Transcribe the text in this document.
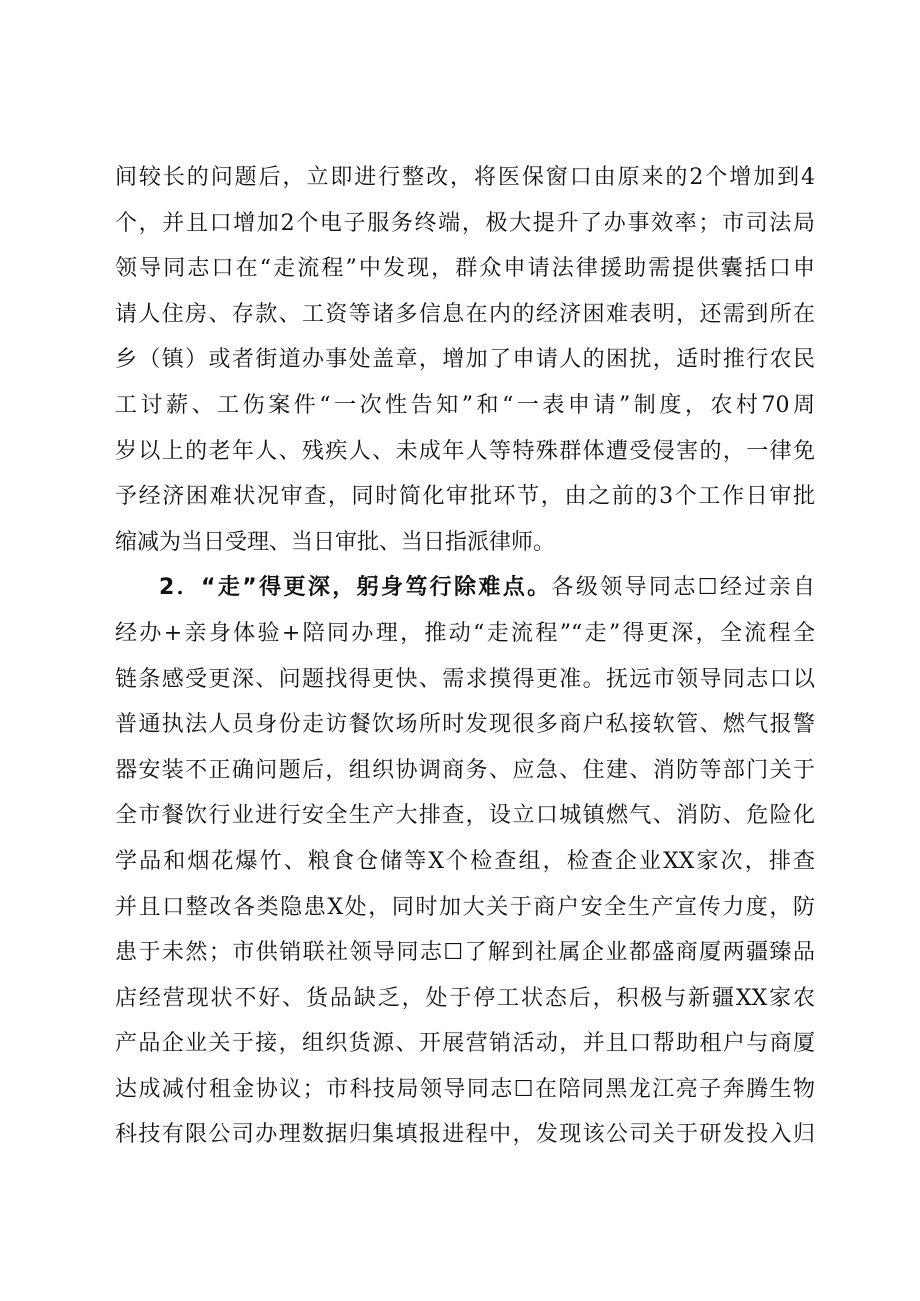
间较长的问题后，立即进行整改，将医保窗口由原来的2个增加到4
个，并且口增加2个电子服务终端，极大提升了办事效率；市司法局
领导同志口在“走流程”中发现，群众申请法律援助需提供囊括口申
请人住房、存款、工资等诸多信息在内的经济困难表明，还需到所在
乡（镇）或者街道办事处盖章，增加了申请人的困扰，适时推行农民
工讨薪、工伤案件“一次性告知”和“一表申请”制度，农村70周
岁以上的老年人、残疾人、未成年人等特殊群体遭受侵害的，一律免
予经济困难状况审查，同时简化审批环节，由之前的3个工作日审批
缩减为当日受理、当日审批、当日指派律师。
2．“走”得更深，躬身笃行除难点。各级领导同志☐经过亲自
经办+亲身体验+陪同办理，推动“走流程”“走”得更深，全流程全
链条感受更深、问题找得更快、需求摸得更准。抚远市领导同志口以
普通执法人员身份走访餐饮场所时发现很多商户私接软管、燃气报警
器安装不正确问题后，组织协调商务、应急、住建、消防等部门关于
全市餐饮行业进行安全生产大排查，设立口城镇燃气、消防、危险化
学品和烟花爆竹、粮食仓储等X个检查组，检查企业XX家次，排查
并且口整改各类隐患X处，同时加大关于商户安全生产宣传力度，防
患于未然；市供销联社领导同志☐了解到社属企业都盛商厦两疆臻品
店经营现状不好、货品缺乏，处于停工状态后，积极与新疆XX家农
产品企业关于接，组织货源、开展营销活动，并且口帮助租户与商厦
达成减付租金协议；市科技局领导同志☐在陪同黑龙江亮子奔腾生物
科技有限公司办理数据归集填报进程中，发现该公司关于研发投入归
